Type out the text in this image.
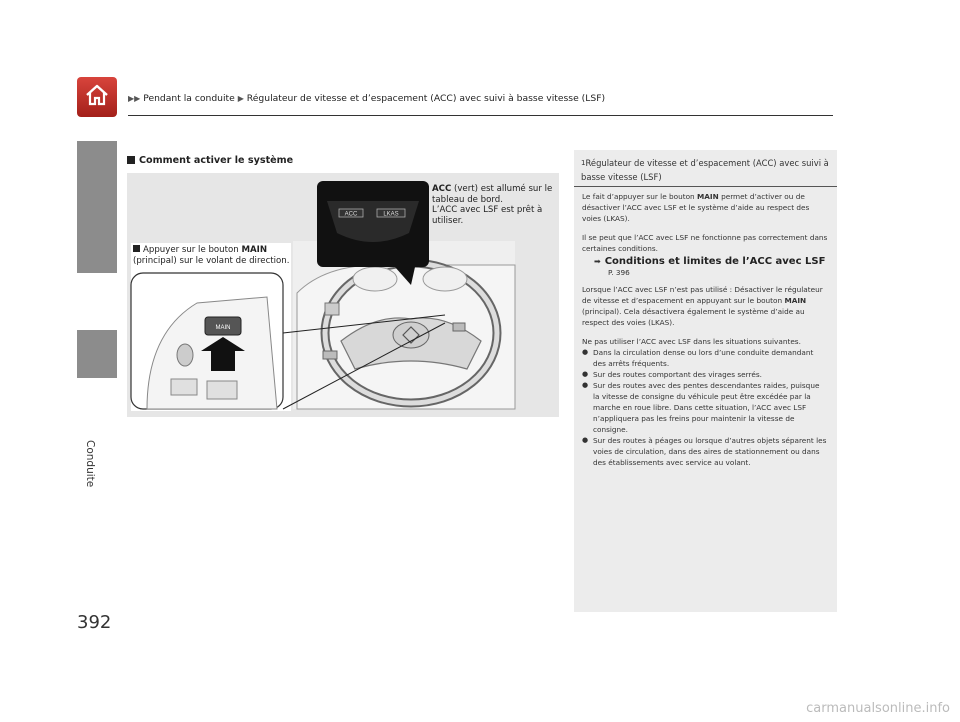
▶▶ Pendant la conduite ▶ Régulateur de vitesse et d’espacement (ACC) avec suivi à basse vitesse (LSF)
Conduite
392
Comment activer le système
ACC	LKAS
MAIN
ACC (vert) est allumé sur le tableau de bord.
L’ACC avec LSF est prêt à utiliser.
Appuyer sur le bouton MAIN
(principal) sur le volant de direction.
1Régulateur de vitesse et d’espacement (ACC) avec suivi à basse vitesse (LSF)

Le fait d’appuyer sur le bouton MAIN permet d’activer ou de désactiver l’ACC avec LSF et le système d’aide au respect des voies (LKAS).

Il se peut que l’ACC avec LSF ne fonctionne pas correctement dans certaines conditions.

➡ Conditions et limites de l’ACC avec LSF
P. 396

Lorsque l’ACC avec LSF n’est pas utilisé : Désactiver le régulateur de vitesse et d’espacement en appuyant sur le bouton MAIN (principal). Cela désactivera également le système d’aide au respect des voies (LKAS).

Ne pas utiliser l’ACC avec LSF dans les situations suivantes.

● Dans la circulation dense ou lors d’une conduite demandant des arrêts fréquents.
● Sur des routes comportant des virages serrés.
● Sur des routes avec des pentes descendantes raides, puisque la vitesse de consigne du véhicule peut être excédée par la marche en roue libre. Dans cette situation, l’ACC avec LSF n’appliquera pas les freins pour maintenir la vitesse de consigne.
● Sur des routes à péages ou lorsque d’autres objets séparent les voies de circulation, dans des aires de stationnement ou dans des établissements avec service au volant.
carmanualsonline.info
